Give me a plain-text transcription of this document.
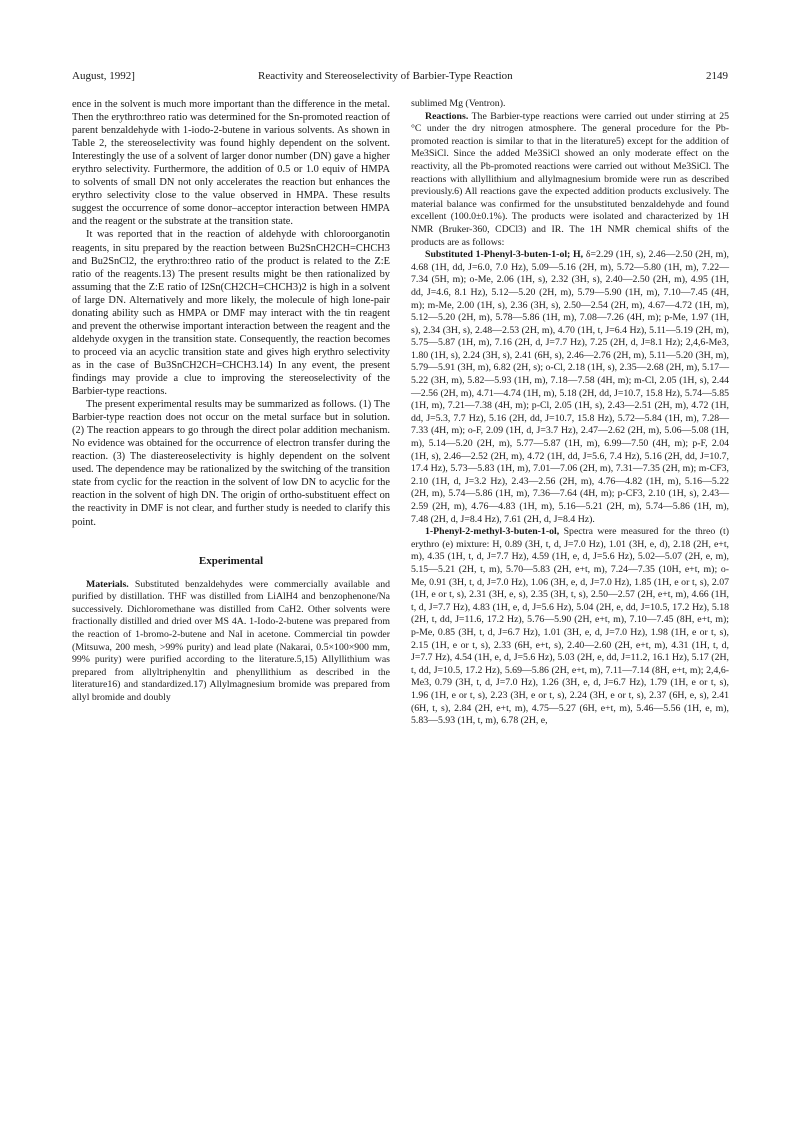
August, 1992]	Reactivity and Stereoselectivity of Barbier-Type Reaction	2149

ence in the solvent is much more important than the difference in the metal. Then the erythro:threo ratio was determined for the Sn-promoted reaction of parent benzaldehyde with 1-iodo-2-butene in various solvents. As shown in Table 2, the stereoselectivity was found highly dependent on the solvent. Interestingly the use of a solvent of larger donor number (DN) gave a higher erythro selectivity. Furthermore, the addition of 0.5 or 1.0 equiv of HMPA to solvents of small DN not only accelerates the reaction but enhances the erythro selectivity close to the value observed in HMPA. These results suggest the occurrence of some donor–acceptor interaction between HMPA and the reagent or the substrate at the transition state.

It was reported that in the reaction of aldehyde with chloroorganotin reagents, in situ prepared by the reaction between Bu2SnCH2CH=CHCH3 and Bu2SnCl2, the erythro:threo ratio of the product is related to the Z:E ratio of the reagents.13) The present results might be then rationalized by assuming that the Z:E ratio of I2Sn(CH2CH=CHCH3)2 is high in a solvent of large DN. Alternatively and more likely, the molecule of high lone-pair donating ability such as HMPA or DMF may interact with the tin reagent and prevent the otherwise important interaction between the reagent and the aldehyde oxygen in the transition state. Consequently, the reaction becomes to proceed via an acyclic transition state and gives high erythro selectivity as in the case of Bu3SnCH2CH=CHCH3.14) In any event, the present findings may provide a clue to improving the stereoselectivity of the Barbier-type reactions.

The present experimental results may be summarized as follows. (1) The Barbier-type reaction does not occur on the metal surface but in solution. (2) The reaction appears to go through the direct polar addition mechanism. No evidence was obtained for the occurrence of electron transfer during the reaction. (3) The diastereoselectivity is highly dependent on the solvent used. The dependence may be rationalized by the switching of the transition state from cyclic for the reaction in the solvent of low DN to acyclic for the reaction in the solvent of high DN. The origin of ortho-substituent effect on the reactivity in DMF is not clear, and further study is needed to clarify this point.

Experimental

Materials. Substituted benzaldehydes were commercially available and purified by distillation. THF was distilled from LiAlH4 and benzophenone/Na successively. Dichloromethane was distilled from CaH2. Other solvents were fractionally distilled and dried over MS 4A. 1-Iodo-2-butene was prepared from the reaction of 1-bromo-2-butene and NaI in acetone. Commercial tin powder (Mitsuwa, 200 mesh, >99% purity) and lead plate (Nakarai, 0.5×100×900 mm, 99% purity) were purified according to the literature.5,15) Allyllithium was prepared from allyltriphenyltin and phenyllithium as described in the literature16) and standardized.17) Allylmagnesium bromide was prepared from allyl bromide and doubly

sublimed Mg (Ventron).

Reactions. The Barbier-type reactions were carried out under stirring at 25 °C under the dry nitrogen atmosphere. The general procedure for the Pb-promoted reaction is similar to that in the literature5) except for the addition of Me3SiCl. Since the added Me3SiCl showed an only moderate effect on the reactivity, all the Pb-promoted reactions were carried out without Me3SiCl. The reactions with allyllithium and allylmagnesium bromide were run as described previously.6) All reactions gave the expected addition products exclusively. The material balance was confirmed for the unsubstituted benzaldehyde and found excellent (100.0±0.1%). The products were isolated and characterized by 1H NMR (Bruker-360, CDCl3) and IR. The 1H NMR chemical shifts of the products are as follows:

Substituted 1-Phenyl-3-buten-1-ol; H, δ=2.29 (1H, s), 2.46—2.50 (2H, m), 4.68 (1H, dd, J=6.0, 7.0 Hz), 5.09—5.16 (2H, m), 5.72—5.80 (1H, m), 7.22—7.34 (5H, m); o-Me, 2.06 (1H, s), 2.32 (3H, s), 2.40—2.50 (2H, m), 4.95 (1H, dd, J=4.6, 8.1 Hz), 5.12—5.20 (2H, m), 5.79—5.90 (1H, m), 7.10—7.45 (4H, m); m-Me, 2.00 (1H, s), 2.36 (3H, s), 2.50—2.54 (2H, m), 4.67—4.72 (1H, m), 5.12—5.20 (2H, m), 5.78—5.86 (1H, m), 7.08—7.26 (4H, m); p-Me, 1.97 (1H, s), 2.34 (3H, s), 2.48—2.53 (2H, m), 4.70 (1H, t, J=6.4 Hz), 5.11—5.19 (2H, m), 5.75—5.87 (1H, m), 7.16 (2H, d, J=7.7 Hz), 7.25 (2H, d, J=8.1 Hz); 2,4,6-Me3, 1.80 (1H, s), 2.24 (3H, s), 2.41 (6H, s), 2.46—2.76 (2H, m), 5.11—5.20 (3H, m), 5.79—5.91 (3H, m), 6.82 (2H, s); o-Cl, 2.18 (1H, s), 2.35—2.68 (2H, m), 5.17—5.22 (3H, m), 5.82—5.93 (1H, m), 7.18—7.58 (4H, m); m-Cl, 2.05 (1H, s), 2.44—2.56 (2H, m), 4.71—4.74 (1H, m), 5.18 (2H, dd, J=10.7, 15.8 Hz), 5.74—5.85 (1H, m), 7.21—7.38 (4H, m); p-Cl, 2.05 (1H, s), 2.43—2.51 (2H, m), 4.72 (1H, dd, J=5.3, 7.7 Hz), 5.16 (2H, dd, J=10.7, 15.8 Hz), 5.72—5.84 (1H, m), 7.28—7.33 (4H, m); o-F, 2.09 (1H, d, J=3.7 Hz), 2.47—2.62 (2H, m), 5.06—5.08 (1H, m), 5.14—5.20 (2H, m), 5.77—5.87 (1H, m), 6.99—7.50 (4H, m); p-F, 2.04 (1H, s), 2.46—2.52 (2H, m), 4.72 (1H, dd, J=5.6, 7.4 Hz), 5.16 (2H, dd, J=10.7, 17.4 Hz), 5.73—5.83 (1H, m), 7.01—7.06 (2H, m), 7.31—7.35 (2H, m); m-CF3, 2.10 (1H, d, J=3.2 Hz), 2.43—2.56 (2H, m), 4.76—4.82 (1H, m), 5.16—5.22 (2H, m), 5.74—5.86 (1H, m), 7.36—7.64 (4H, m); p-CF3, 2.10 (1H, s), 2.43—2.59 (2H, m), 4.76—4.83 (1H, m), 5.16—5.21 (2H, m), 5.74—5.86 (1H, m), 7.48 (2H, d, J=8.4 Hz), 7.61 (2H, d, J=8.4 Hz).

1-Phenyl-2-methyl-3-buten-1-ol, Spectra were measured for the threo (t) erythro (e) mixture: H, 0.89 (3H, t, d, J=7.0 Hz), 1.01 (3H, e, d), 2.18 (2H, e+t, m), 4.35 (1H, t, d, J=7.7 Hz), 4.59 (1H, e, d, J=5.6 Hz), 5.02—5.07 (2H, e, m), 5.15—5.21 (2H, t, m), 5.70—5.83 (2H, e+t, m), 7.24—7.35 (10H, e+t, m); o-Me, 0.91 (3H, t, d, J=7.0 Hz), 1.06 (3H, e, d, J=7.0 Hz), 1.85 (1H, e or t, s), 2.07 (1H, e or t, s), 2.31 (3H, e, s), 2.35 (3H, t, s), 2.50—2.57 (2H, e+t, m), 4.66 (1H, t, d, J=7.7 Hz), 4.83 (1H, e, d, J=5.6 Hz), 5.04 (2H, e, dd, J=10.5, 17.2 Hz), 5.18 (2H, t, dd, J=11.6, 17.2 Hz), 5.76—5.90 (2H, e+t, m), 7.10—7.45 (8H, e+t, m); p-Me, 0.85 (3H, t, d, J=6.7 Hz), 1.01 (3H, e, d, J=7.0 Hz), 1.98 (1H, e or t, s), 2.15 (1H, e or t, s), 2.33 (6H, e+t, s), 2.40—2.60 (2H, e+t, m), 4.31 (1H, t, d, J=7.7 Hz), 4.54 (1H, e, d, J=5.6 Hz), 5.03 (2H, e, dd, J=11.2, 16.1 Hz), 5.17 (2H, t, dd, J=10.5, 17.2 Hz), 5.69—5.86 (2H, e+t, m), 7.11—7.14 (8H, e+t, m); 2,4,6-Me3, 0.79 (3H, t, d, J=7.0 Hz), 1.26 (3H, e, d, J=6.7 Hz), 1.79 (1H, e or t, s), 1.96 (1H, e or t, s), 2.23 (3H, e or t, s), 2.24 (3H, e or t, s), 2.37 (6H, e, s), 2.41 (6H, t, s), 2.84 (2H, e+t, m), 4.75—5.27 (6H, e+t, m), 5.46—5.56 (1H, e, m), 5.83—5.93 (1H, t, m), 6.78 (2H, e,
